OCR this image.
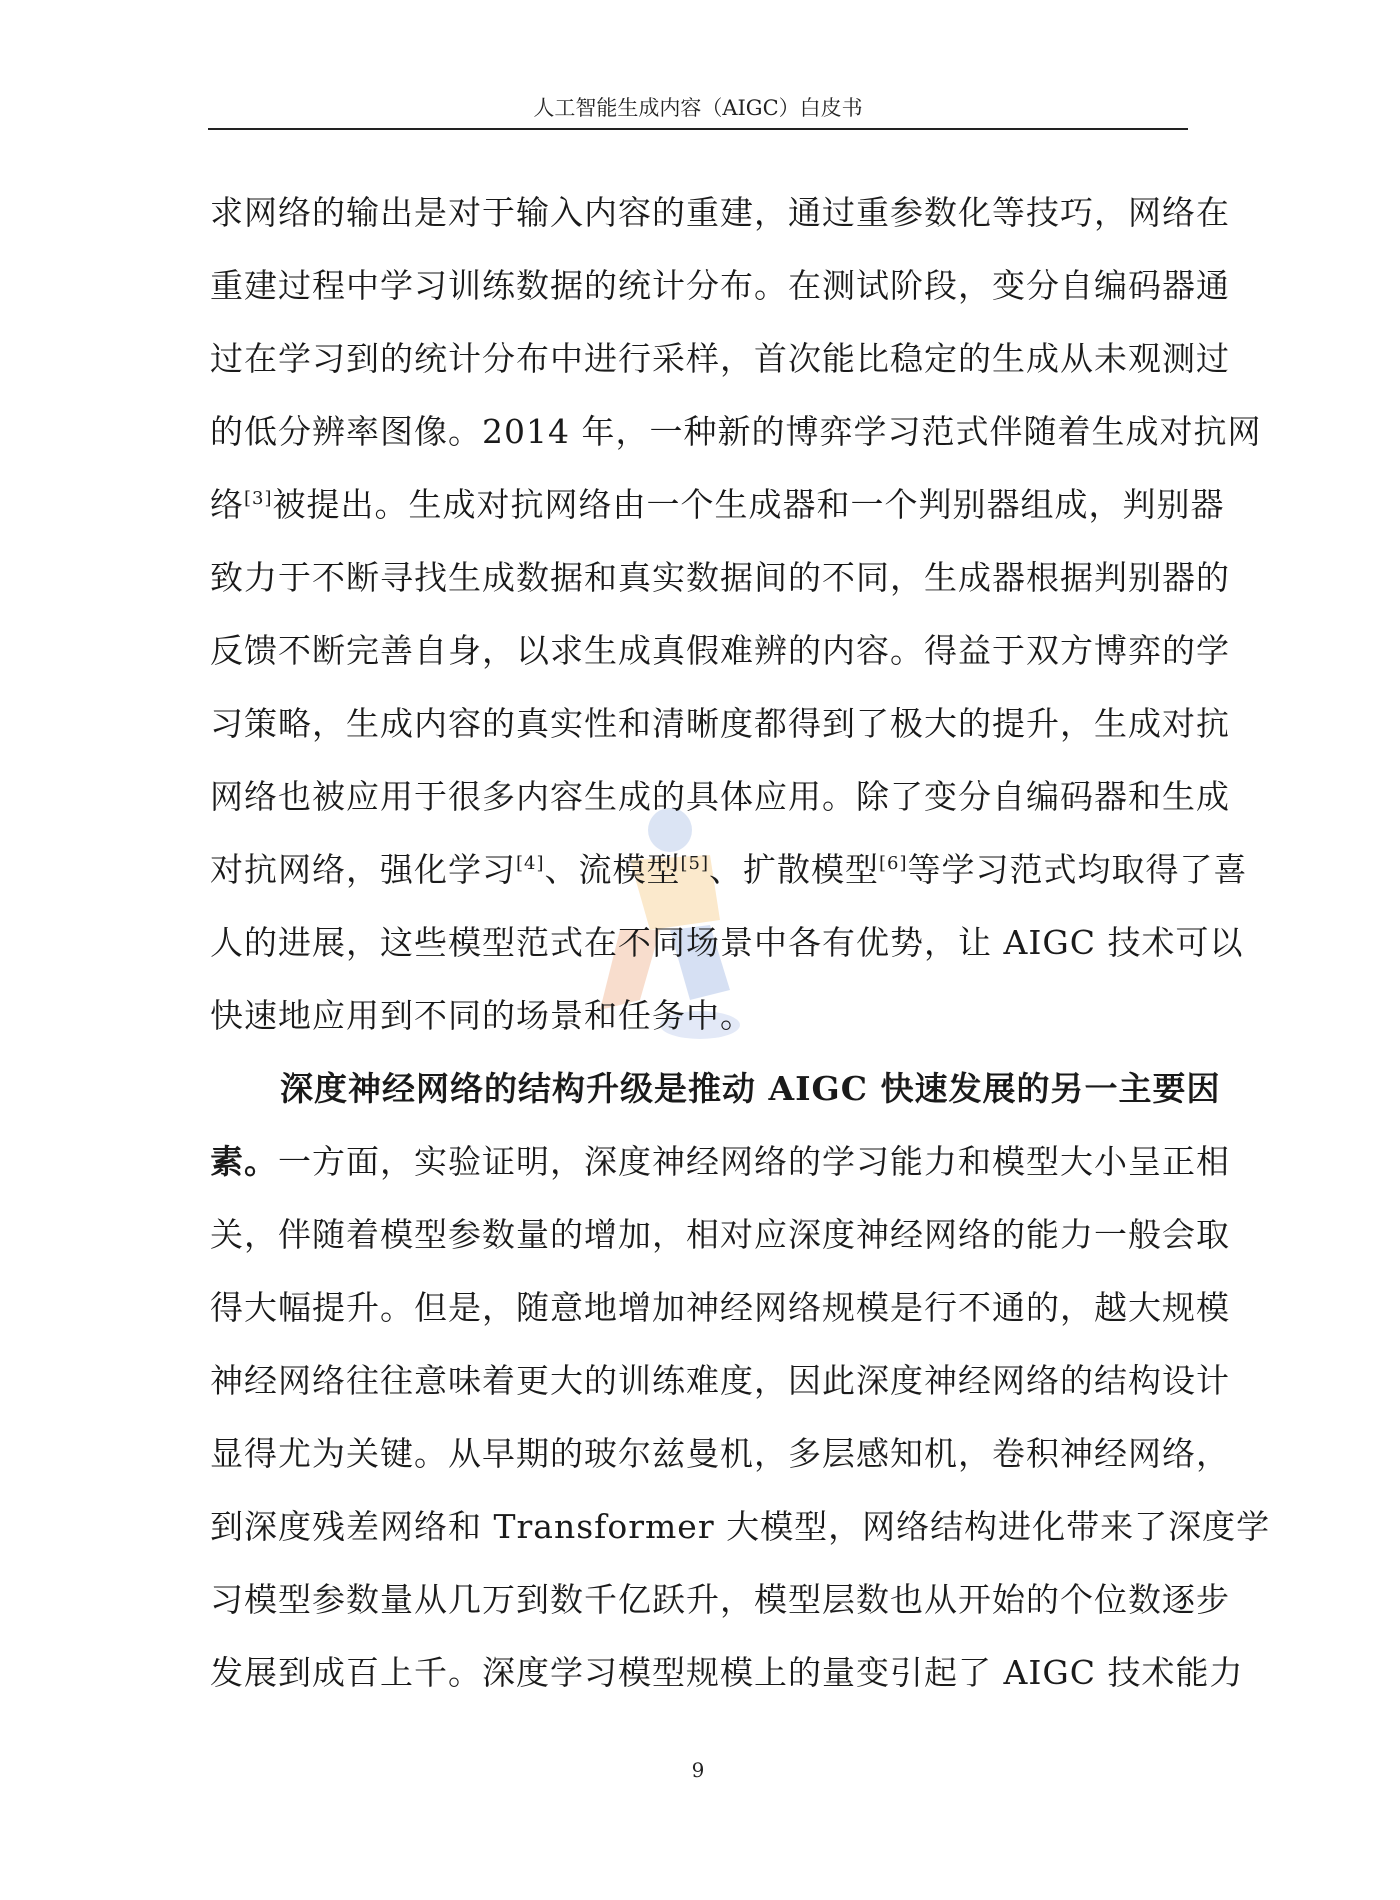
人工智能生成内容（AIGC）白皮书
求网络的输出是对于输入内容的重建，通过重参数化等技巧，网络在
重建过程中学习训练数据的统计分布。在测试阶段，变分自编码器通
过在学习到的统计分布中进行采样，首次能比稳定的生成从未观测过
的低分辨率图像。2014 年，一种新的博弈学习范式伴随着生成对抗网
络[3]被提出。生成对抗网络由一个生成器和一个判别器组成，判别器
致力于不断寻找生成数据和真实数据间的不同，生成器根据判别器的
反馈不断完善自身，以求生成真假难辨的内容。得益于双方博弈的学
习策略，生成内容的真实性和清晰度都得到了极大的提升，生成对抗
网络也被应用于很多内容生成的具体应用。除了变分自编码器和生成
对抗网络，强化学习[4]、流模型[5]、扩散模型[6]等学习范式均取得了喜
人的进展，这些模型范式在不同场景中各有优势，让 AIGC 技术可以
快速地应用到不同的场景和任务中。
深度神经网络的结构升级是推动 AIGC 快速发展的另一主要因
素。一方面，实验证明，深度神经网络的学习能力和模型大小呈正相
关，伴随着模型参数量的增加，相对应深度神经网络的能力一般会取
得大幅提升。但是，随意地增加神经网络规模是行不通的，越大规模
神经网络往往意味着更大的训练难度，因此深度神经网络的结构设计
显得尤为关键。从早期的玻尔兹曼机，多层感知机，卷积神经网络，
到深度残差网络和 Transformer 大模型，网络结构进化带来了深度学
习模型参数量从几万到数千亿跃升，模型层数也从开始的个位数逐步
发展到成百上千。深度学习模型规模上的量变引起了 AIGC 技术能力
9
